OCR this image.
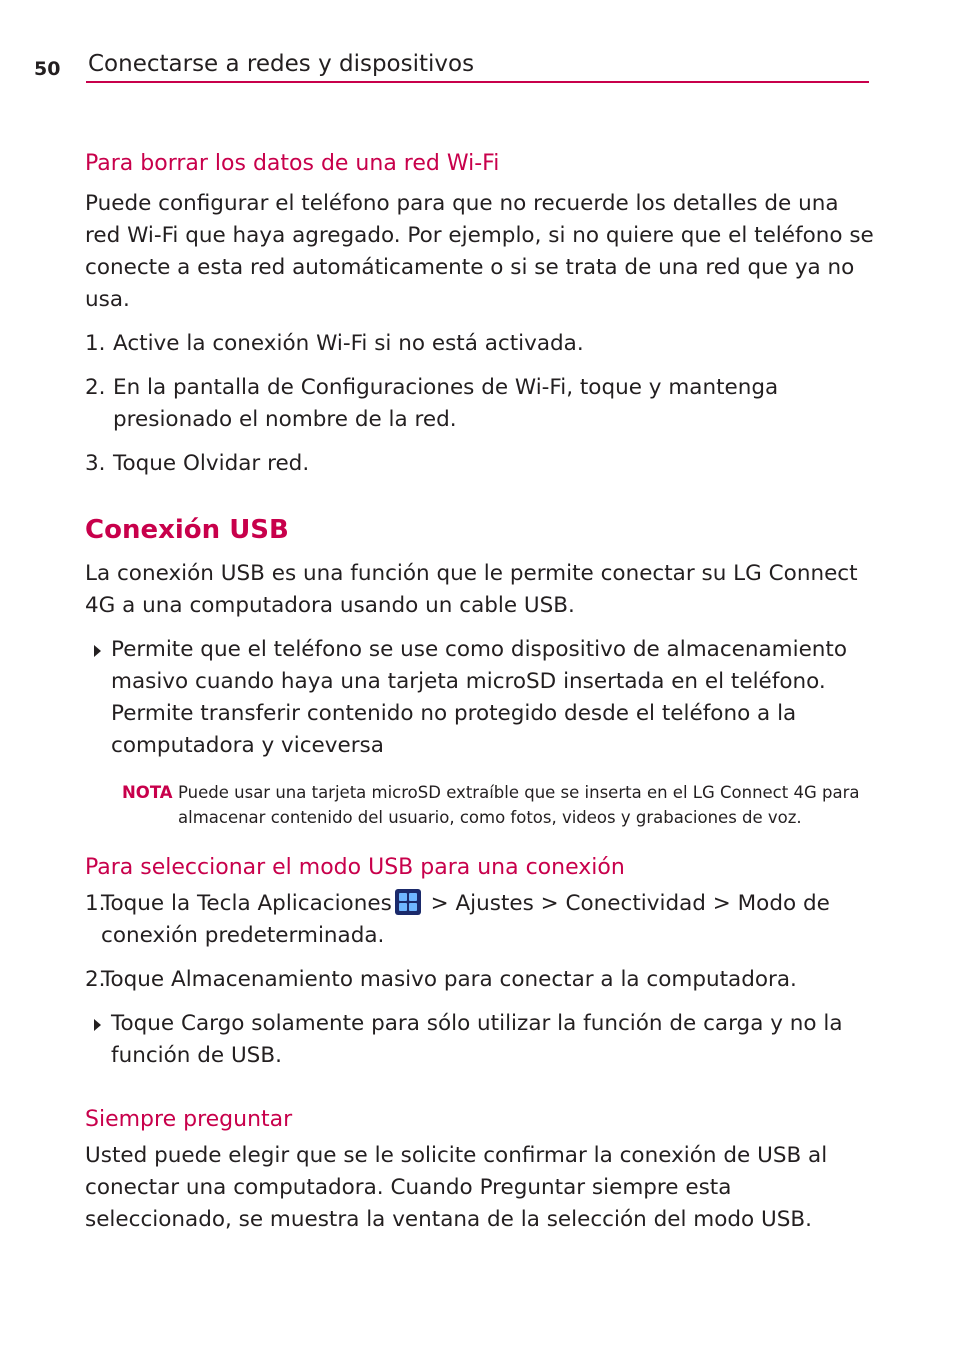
50 Conectarse a redes y dispositivos
Para borrar los datos de una red Wi-Fi

Puede configurar el teléfono para que no recuerde los detalles de una red Wi-Fi que haya agregado. Por ejemplo, si no quiere que el teléfono se conecte a esta red automáticamente o si se trata de una red que ya no usa.

1. Active la conexión Wi-Fi si no está activada.
2. En la pantalla de Configuraciones de Wi-Fi, toque y mantenga presionado el nombre de la red.
3. Toque Olvidar red.
Conexión USB

La conexión USB es una función que le permite conectar su LG Connect 4G a una computadora usando un cable USB.

Permite que el teléfono se use como dispositivo de almacenamiento masivo cuando haya una tarjeta microSD insertada en el teléfono. Permite transferir contenido no protegido desde el teléfono a la computadora y viceversa
NOTA Puede usar una tarjeta microSD extraíble que se inserta en el LG Connect 4G para almacenar contenido del usuario, como fotos, videos y grabaciones de voz.
Para seleccionar el modo USB para una conexión
1.
Toque la Tecla Aplicaciones
> Ajustes > Conectividad > Modo de conexión predeterminada.
2.
Toque Almacenamiento masivo para conectar a la computadora.
Toque Cargo solamente para sólo utilizar la función de carga y no la función de USB.
Siempre preguntar

Usted puede elegir que se le solicite confirmar la conexión de USB al conectar una computadora. Cuando Preguntar siempre esta seleccionado, se muestra la ventana de la selección del modo USB.
